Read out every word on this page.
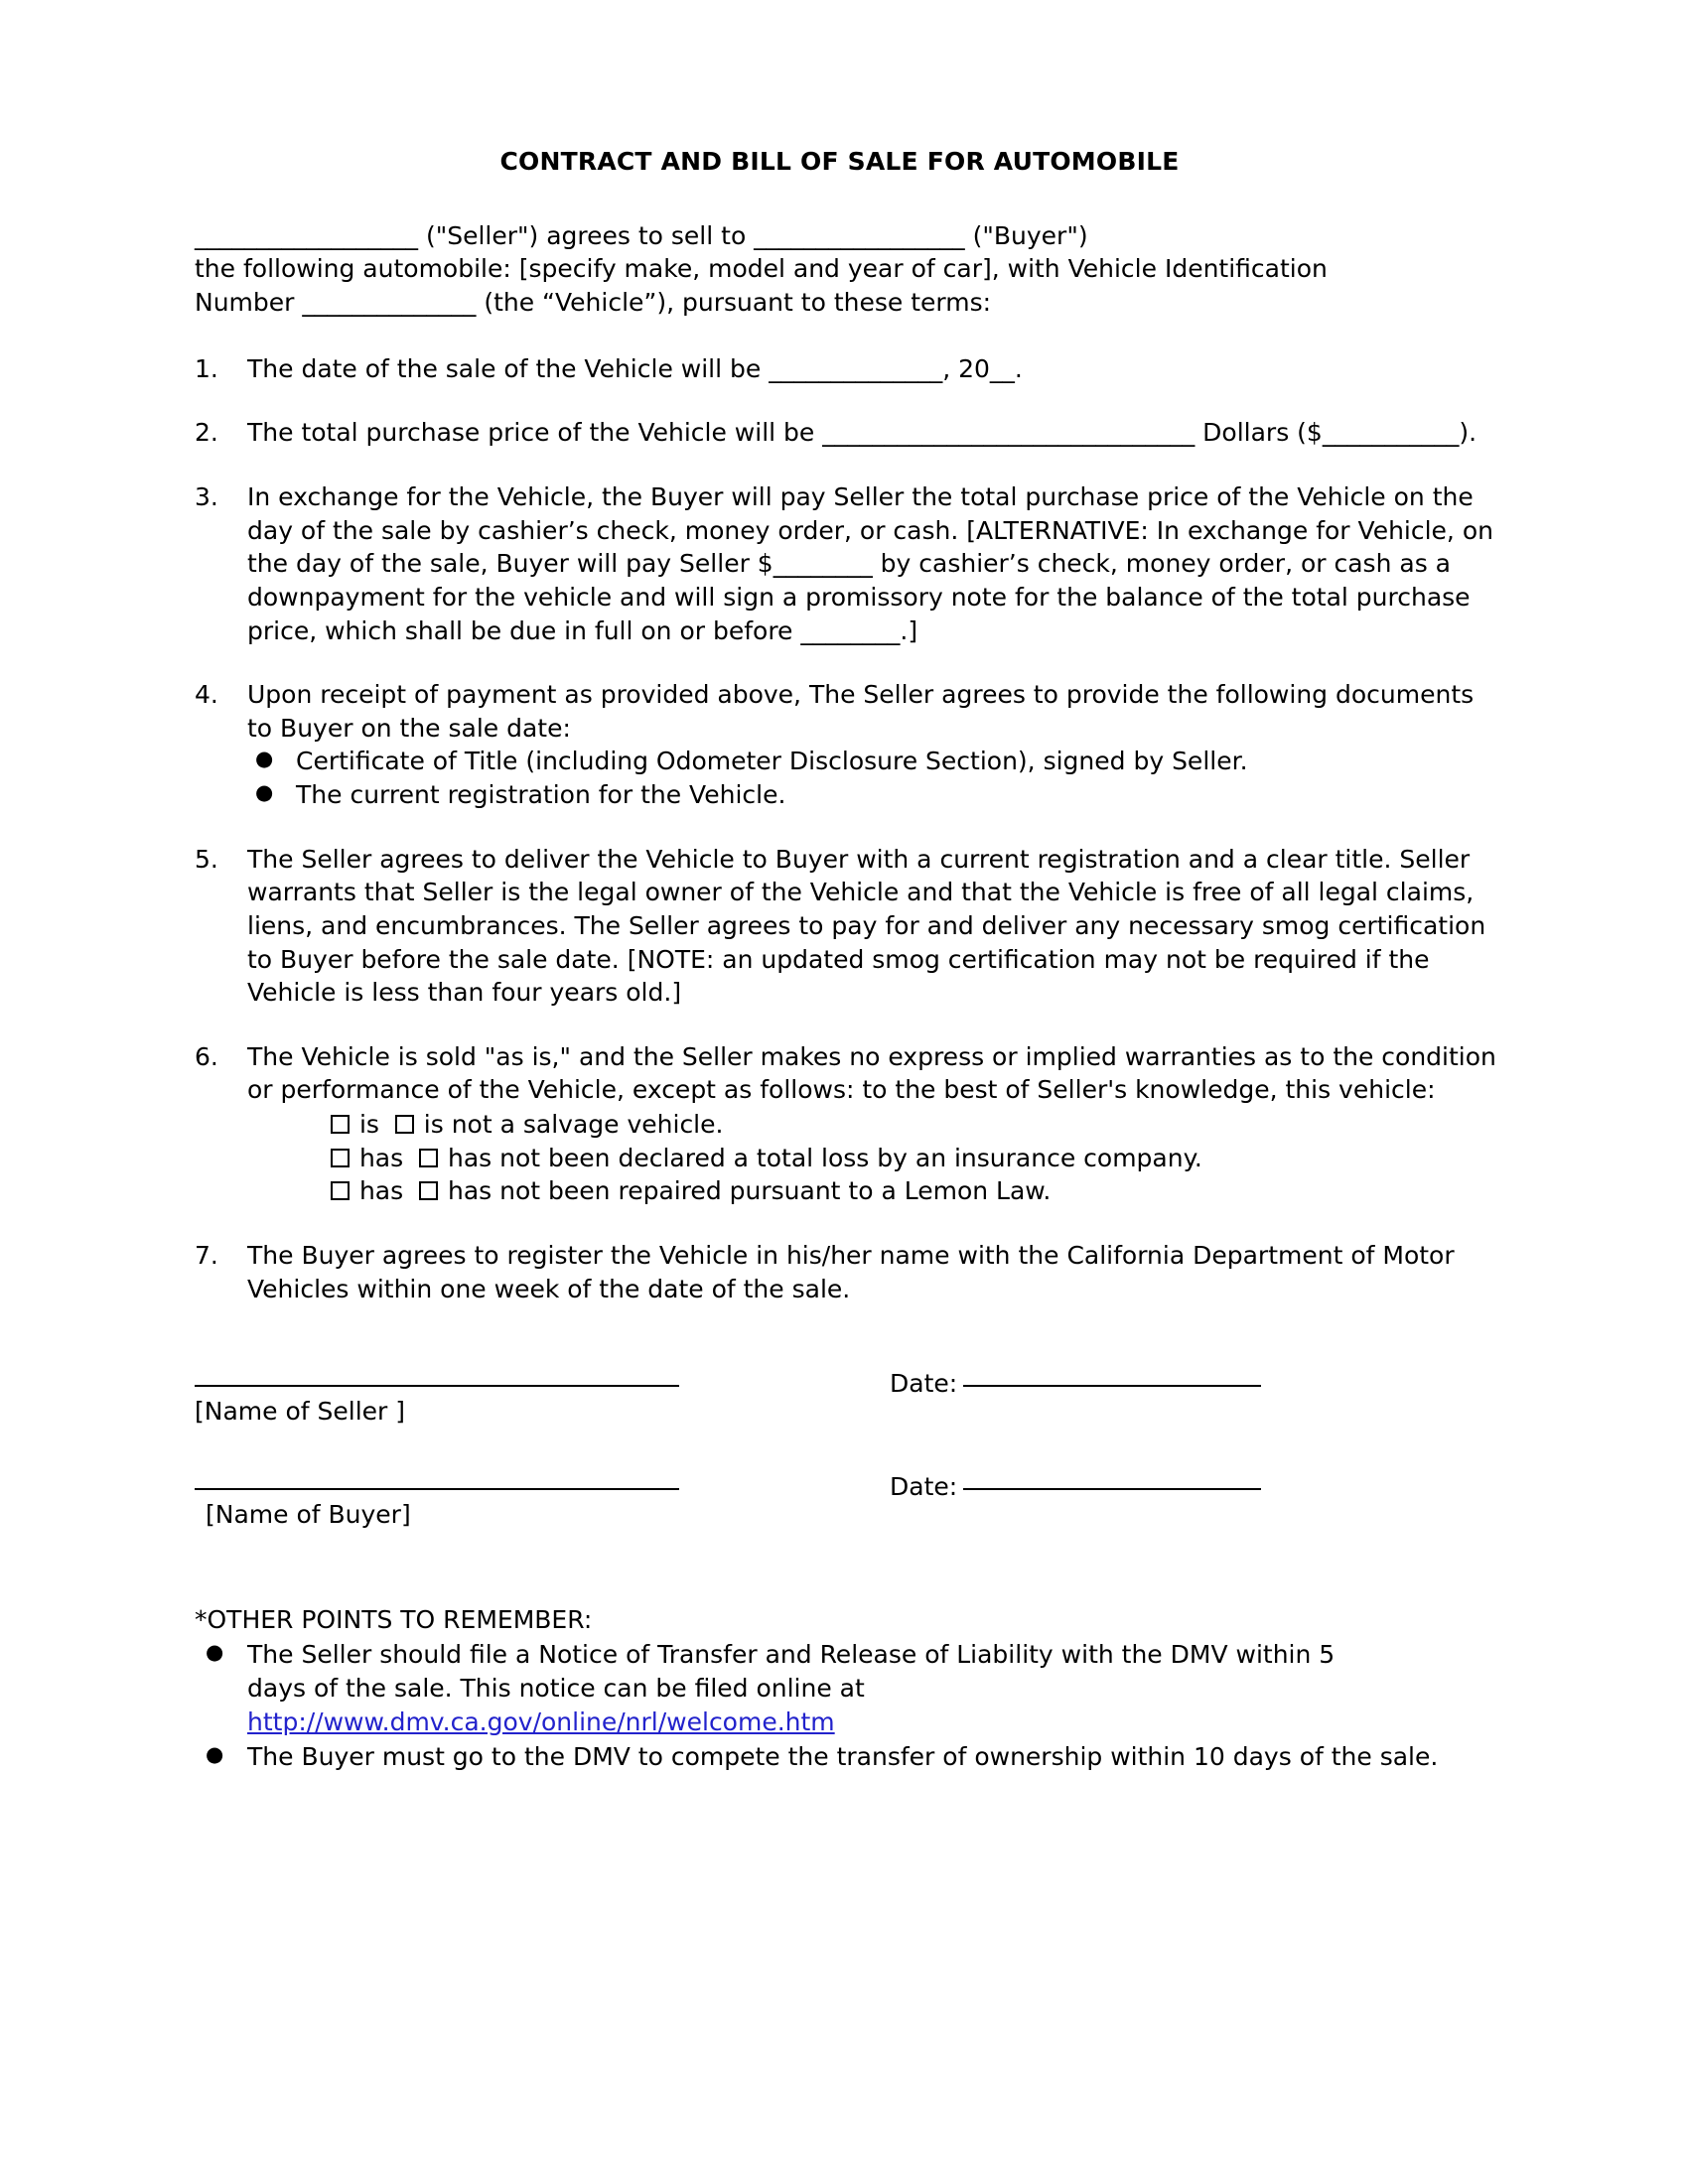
CONTRACT AND BILL OF SALE FOR AUTOMOBILE

__________________ ("Seller") agrees to sell to _________________ ("Buyer")
the following automobile: [specify make, model and year of car], with Vehicle Identification
Number ______________ (the “Vehicle”), pursuant to these terms:

1.	The date of the sale of the Vehicle will be ______________, 20__.
2.	The total purchase price of the Vehicle will be ______________________________ Dollars ($___________).
3.	In exchange for the Vehicle, the Buyer will pay Seller the total purchase price of the Vehicle on the day of the sale by cashier’s check, money order, or cash. [ALTERNATIVE: In exchange for Vehicle, on the day of the sale, Buyer will pay Seller $________ by cashier’s check, money order, or cash as a downpayment for the vehicle and will sign a promissory note for the balance of the total purchase price, which shall be due in full on or before ________.]
4.	Upon receipt of payment as provided above, The Seller agrees to provide the following documents to Buyer on the sale date:
● Certificate of Title (including Odometer Disclosure Section), signed by Seller.
● The current registration for the Vehicle.
5.	The Seller agrees to deliver the Vehicle to Buyer with a current registration and a clear title. Seller warrants that Seller is the legal owner of the Vehicle and that the Vehicle is free of all legal claims, liens, and encumbrances. The Seller agrees to pay for and deliver any necessary smog certification to Buyer before the sale date. [NOTE: an updated smog certification may not be required if the Vehicle is less than four years old.]
6.	The Vehicle is sold "as is," and the Seller makes no express or implied warranties as to the condition or performance of the Vehicle, except as follows: to the best of Seller's knowledge, this vehicle:
is is not a salvage vehicle.
has has not been declared a total loss by an insurance company.
has has not been repaired pursuant to a Lemon Law.
7.	The Buyer agrees to register the Vehicle in his/her name with the California Department of Motor Vehicles within one week of the date of the sale.
[Name of Seller ]
Date:
[Name of Buyer]
Date:

*OTHER POINTS TO REMEMBER:

● The Seller should file a Notice of Transfer and Release of Liability with the DMV within 5
days of the sale. This notice can be filed online at
http://www.dmv.ca.gov/online/nrl/welcome.htm
● The Buyer must go to the DMV to compete the transfer of ownership within 10 days of the sale.
